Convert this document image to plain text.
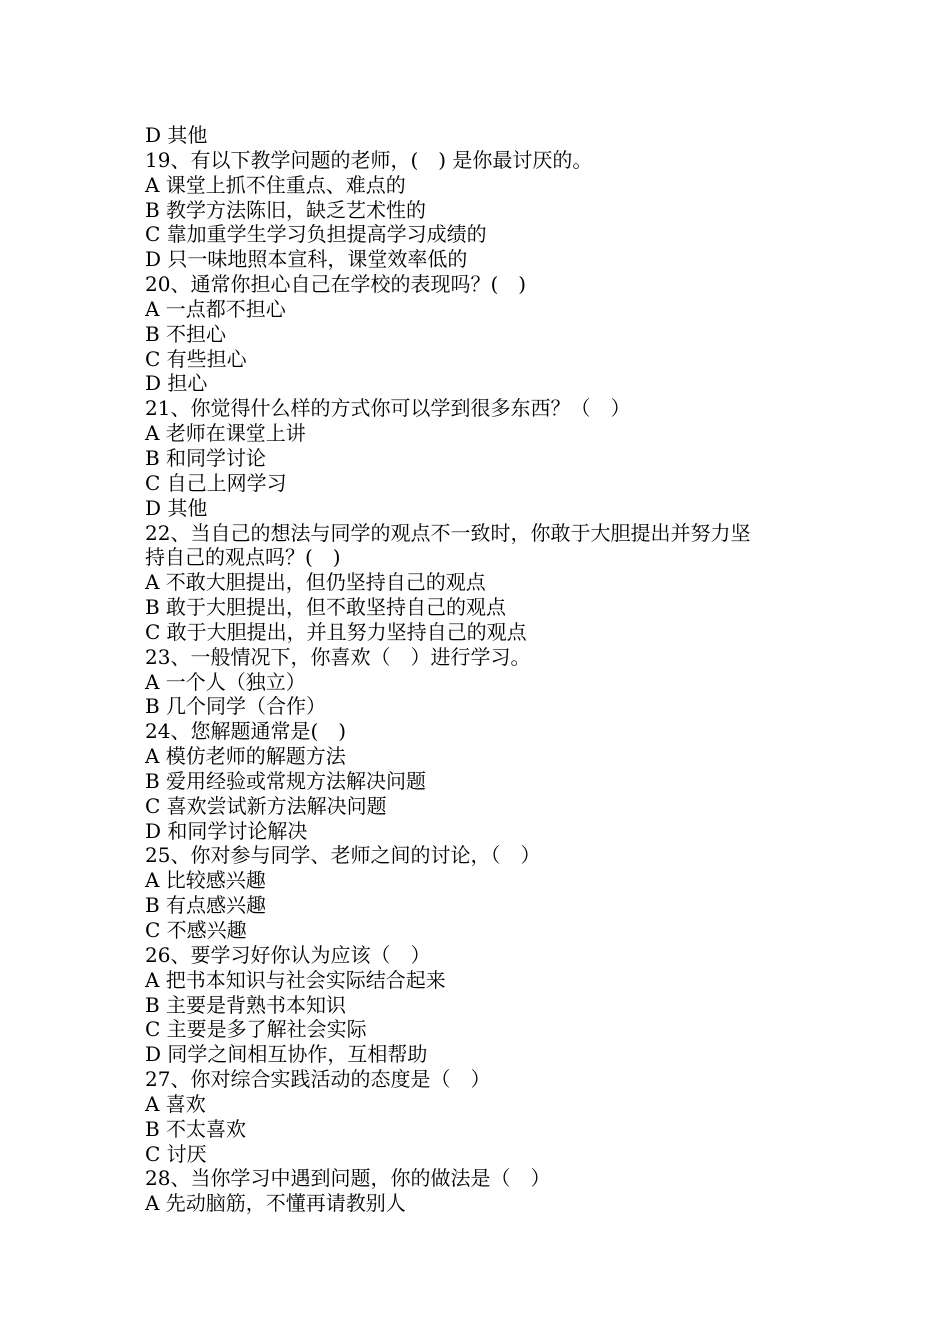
D 其他
19、有以下教学问题的老师，(　) 是你最讨厌的。
A 课堂上抓不住重点、难点的
B 教学方法陈旧，缺乏艺术性的
C 靠加重学生学习负担提高学习成绩的
D 只一味地照本宣科，课堂效率低的
20、通常你担心自己在学校的表现吗？(　)
A 一点都不担心
B 不担心
C 有些担心
D 担心
21、你觉得什么样的方式你可以学到很多东西？（　）
A 老师在课堂上讲
B 和同学讨论
C 自己上网学习
D 其他
22、当自己的想法与同学的观点不一致时，你敢于大胆提出并努力坚
持自己的观点吗？(　)
A 不敢大胆提出，但仍坚持自己的观点
B 敢于大胆提出，但不敢坚持自己的观点
C 敢于大胆提出，并且努力坚持自己的观点
23、一般情况下，你喜欢（　）进行学习。
A 一个人（独立）
B 几个同学（合作）
24、您解题通常是(　)
A 模仿老师的解题方法
B 爱用经验或常规方法解决问题
C 喜欢尝试新方法解决问题
D 和同学讨论解决
25、你对参与同学、老师之间的讨论，（　）
A 比较感兴趣
B 有点感兴趣
C 不感兴趣
26、要学习好你认为应该（　）
A 把书本知识与社会实际结合起来
B 主要是背熟书本知识
C 主要是多了解社会实际
D 同学之间相互协作，互相帮助
27、你对综合实践活动的态度是（　）
A 喜欢
B 不太喜欢
C 讨厌
28、当你学习中遇到问题，你的做法是（　）
A 先动脑筋，不懂再请教别人
